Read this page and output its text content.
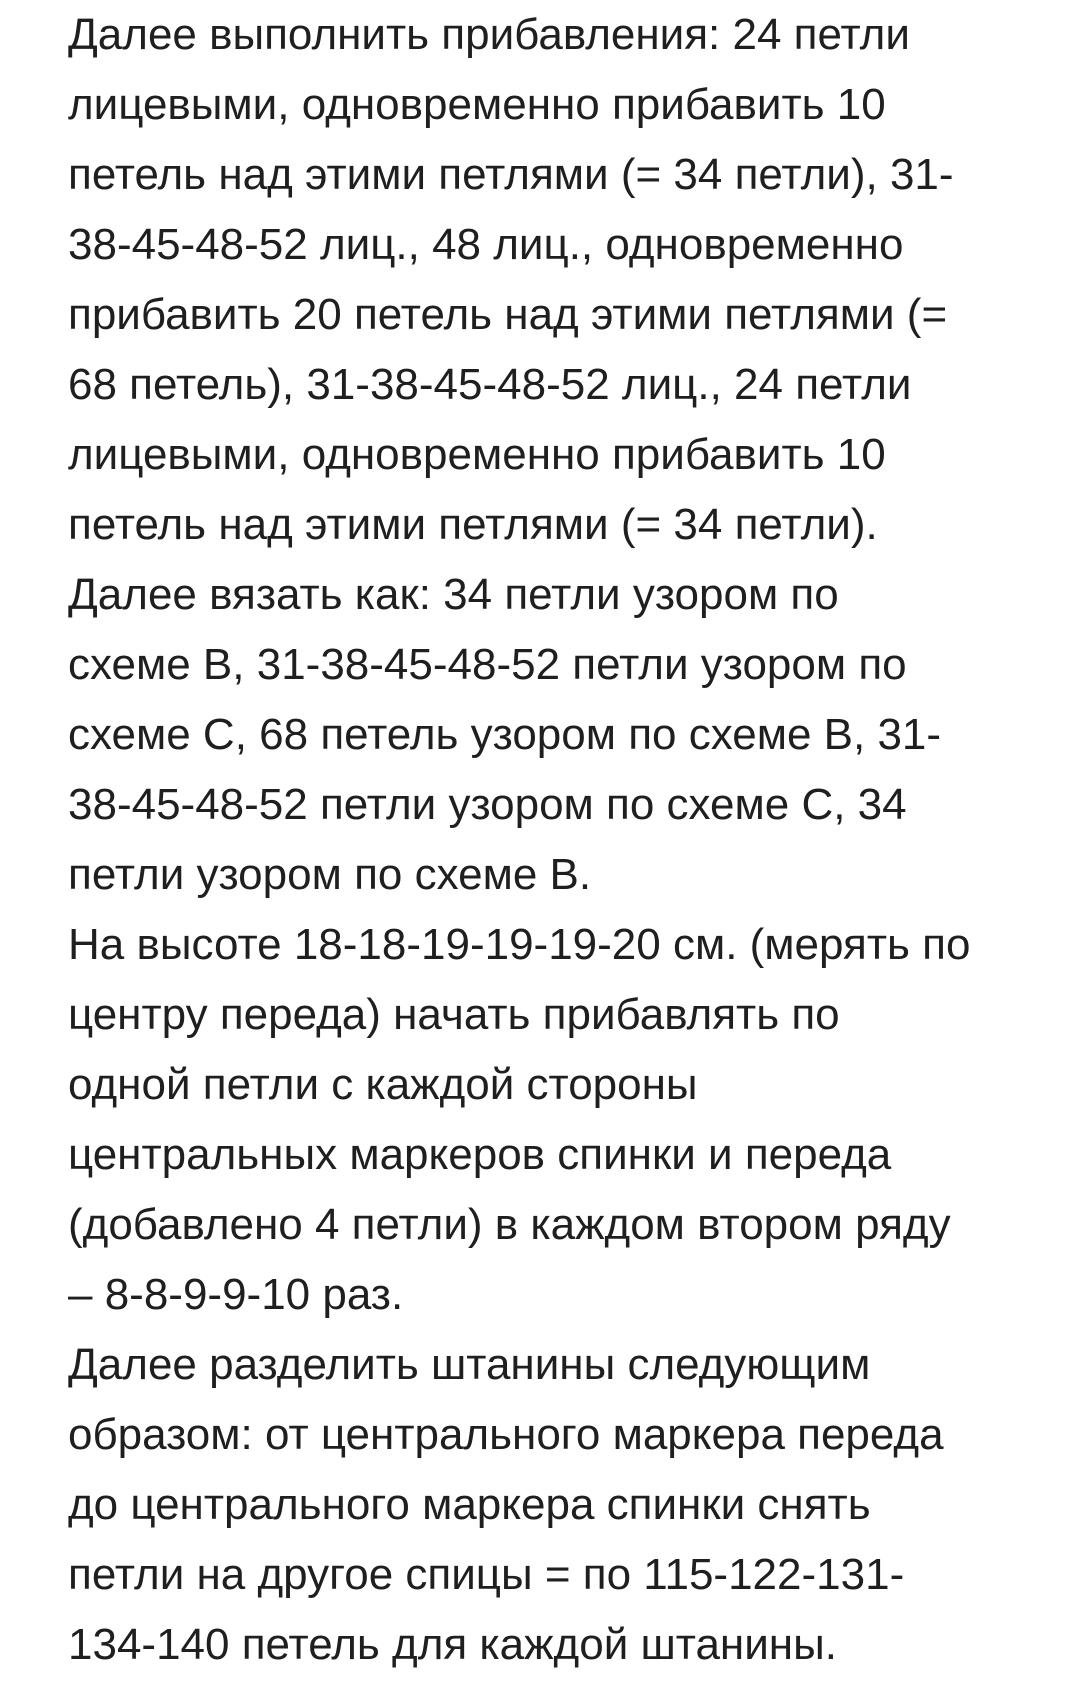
Далее выполнить прибавления: 24 петли
лицевыми, одновременно прибавить 10
петель над этими петлями (= 34 петли), 31-
38-45-48-52 лиц., 48 лиц., одновременно
прибавить 20 петель над этими петлями (=
68 петель), 31-38-45-48-52 лиц., 24 петли
лицевыми, одновременно прибавить 10
петель над этими петлями (= 34 петли).
Далее вязать как: 34 петли узором по
схеме B, 31-38-45-48-52 петли узором по
схеме C, 68 петель узором по схеме B, 31-
38-45-48-52 петли узором по схеме C, 34
петли узором по схеме B.
На высоте 18-18-19-19-19-20 см. (мерять по
центру переда) начать прибавлять по
одной петли с каждой стороны
центральных маркеров спинки и переда
(добавлено 4 петли) в каждом втором ряду
– 8-8-9-9-10 раз.
Далее разделить штанины следующим
образом: от центрального маркера переда
до центрального маркера спинки снять
петли на другое спицы = по 115-122-131-
134-140 петель для каждой штанины.
